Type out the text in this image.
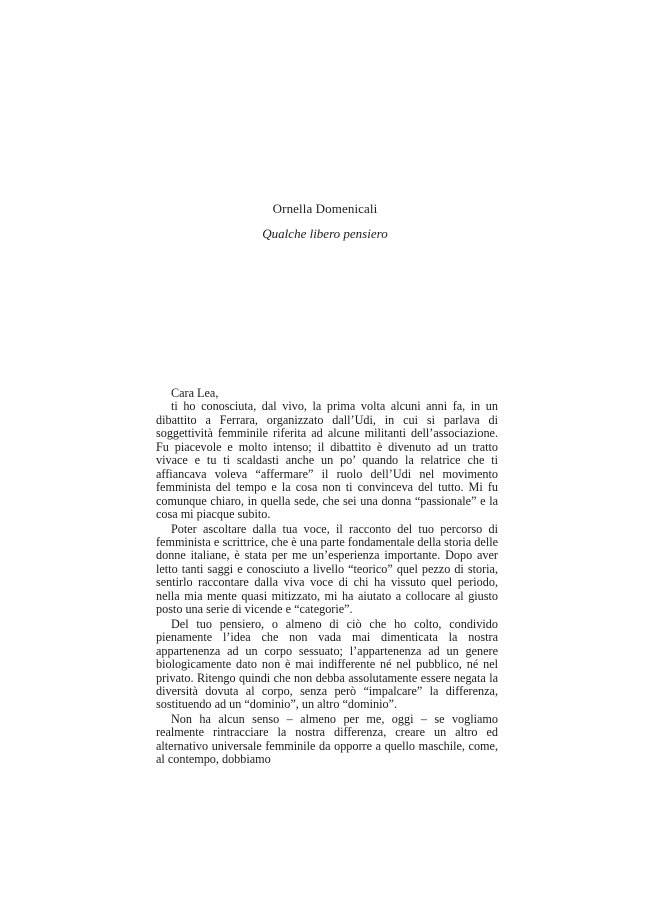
Ornella Domenicali
Qualche libero pensiero

Cara Lea,

ti ho conosciuta, dal vivo, la prima volta alcuni anni fa, in un dibattito a Ferrara, organizzato dall’Udi, in cui si parlava di soggettività femminile riferita ad alcune militanti dell’associazione. Fu piacevole e molto intenso; il dibattito è divenuto ad un tratto vivace e tu ti scaldasti anche un po’ quando la relatrice che ti affiancava voleva “affermare” il ruolo dell’Udi nel movimento femminista del tempo e la cosa non ti convinceva del tutto. Mi fu comunque chiaro, in quella sede, che sei una donna “passionale” e la cosa mi piacque subito.

Poter ascoltare dalla tua voce, il racconto del tuo percorso di femminista e scrittrice, che è una parte fondamentale della storia delle donne italiane, è stata per me un’esperienza importante. Dopo aver letto tanti saggi e conosciuto a livello “teorico” quel pezzo di storia, sentirlo raccontare dalla viva voce di chi ha vissuto quel periodo, nella mia mente quasi mitizzato, mi ha aiutato a collocare al giusto posto una serie di vicende e “categorie”.

Del tuo pensiero, o almeno di ciò che ho colto, condivido pienamente l’idea che non vada mai dimenticata la nostra appartenenza ad un corpo sessuato; l’appartenenza ad un genere biologicamente dato non è mai indifferente né nel pubblico, né nel privato. Ritengo quindi che non debba assolutamente essere negata la diversità dovuta al corpo, senza però “impalcare” la differenza, sostituendo ad un “dominio”, un altro “dominio”.

Non ha alcun senso – almeno per me, oggi – se vogliamo realmente rintracciare la nostra differenza, creare un altro ed alternativo universale femminile da opporre a quello maschile, come, al contempo, dobbiamo
